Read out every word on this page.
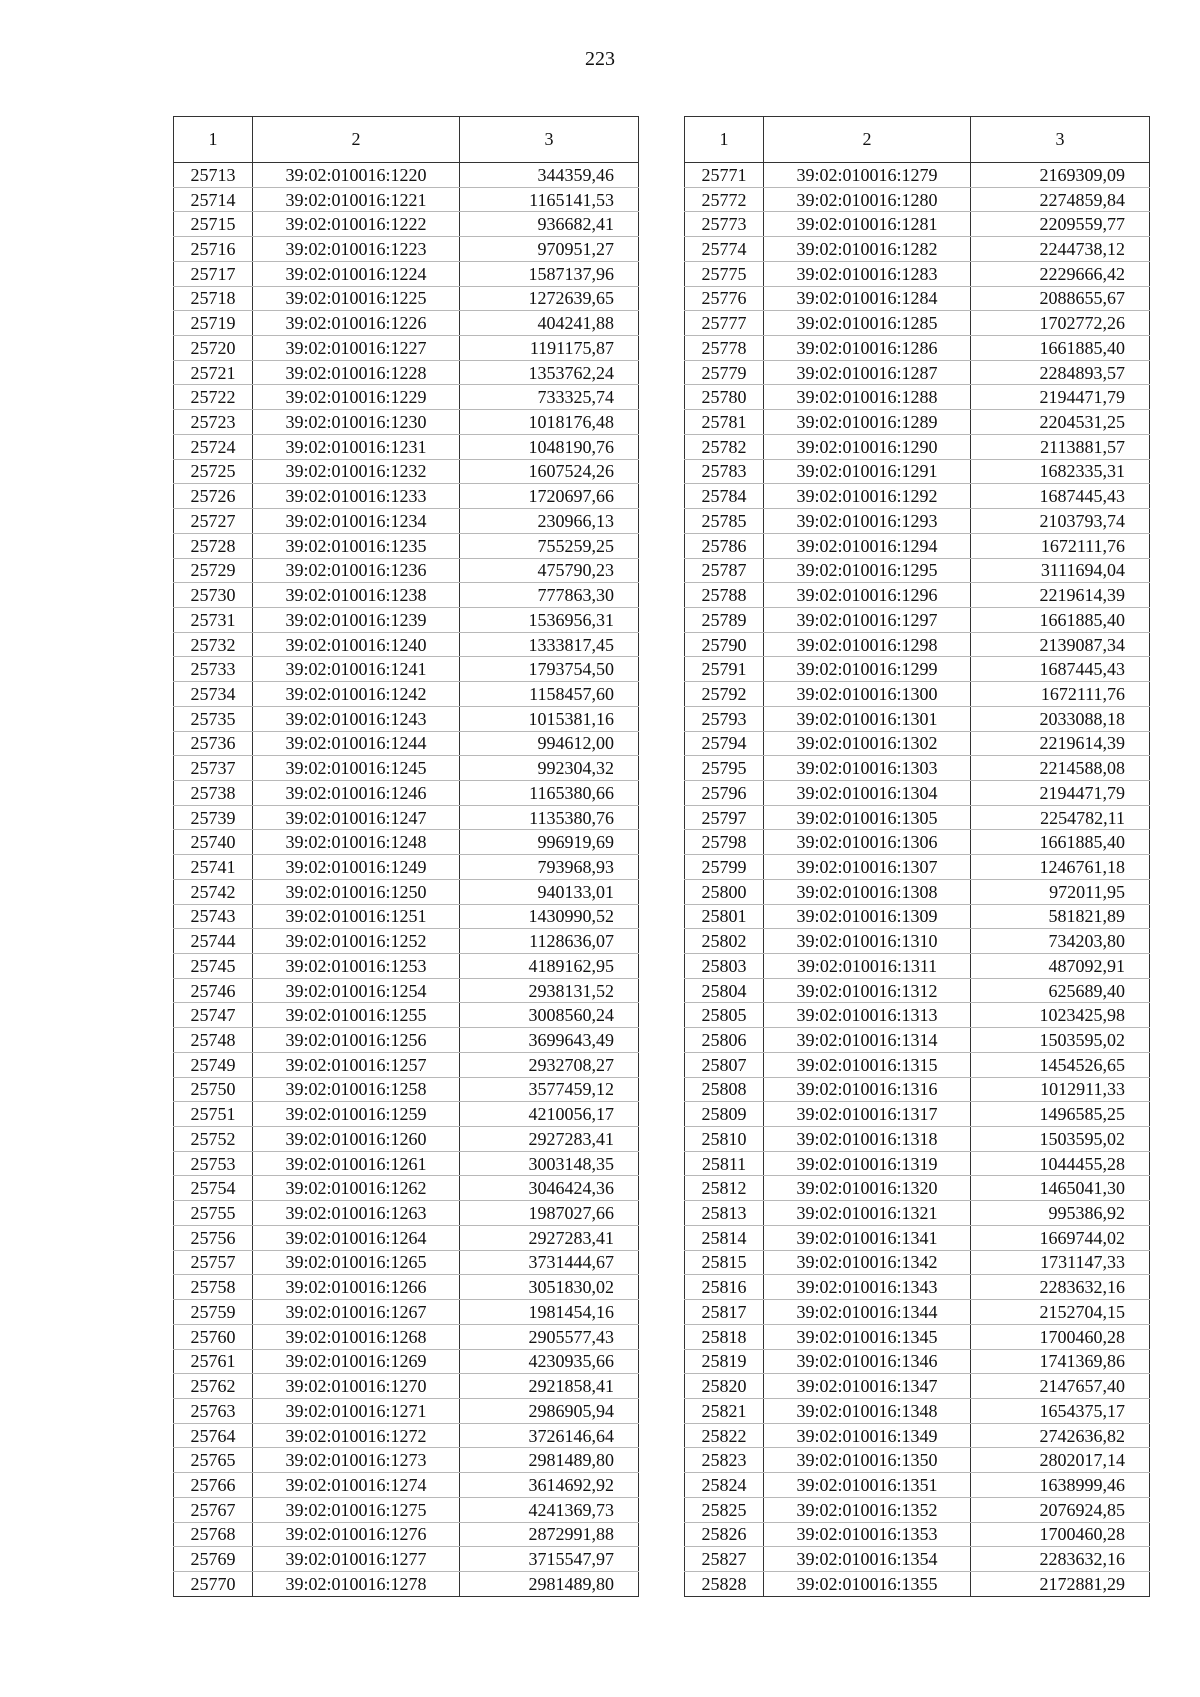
223
1	2	3
25713	39:02:010016:1220	344359,46
25714	39:02:010016:1221	1165141,53
25715	39:02:010016:1222	936682,41
25716	39:02:010016:1223	970951,27
25717	39:02:010016:1224	1587137,96
25718	39:02:010016:1225	1272639,65
25719	39:02:010016:1226	404241,88
25720	39:02:010016:1227	1191175,87
25721	39:02:010016:1228	1353762,24
25722	39:02:010016:1229	733325,74
25723	39:02:010016:1230	1018176,48
25724	39:02:010016:1231	1048190,76
25725	39:02:010016:1232	1607524,26
25726	39:02:010016:1233	1720697,66
25727	39:02:010016:1234	230966,13
25728	39:02:010016:1235	755259,25
25729	39:02:010016:1236	475790,23
25730	39:02:010016:1238	777863,30
25731	39:02:010016:1239	1536956,31
25732	39:02:010016:1240	1333817,45
25733	39:02:010016:1241	1793754,50
25734	39:02:010016:1242	1158457,60
25735	39:02:010016:1243	1015381,16
25736	39:02:010016:1244	994612,00
25737	39:02:010016:1245	992304,32
25738	39:02:010016:1246	1165380,66
25739	39:02:010016:1247	1135380,76
25740	39:02:010016:1248	996919,69
25741	39:02:010016:1249	793968,93
25742	39:02:010016:1250	940133,01
25743	39:02:010016:1251	1430990,52
25744	39:02:010016:1252	1128636,07
25745	39:02:010016:1253	4189162,95
25746	39:02:010016:1254	2938131,52
25747	39:02:010016:1255	3008560,24
25748	39:02:010016:1256	3699643,49
25749	39:02:010016:1257	2932708,27
25750	39:02:010016:1258	3577459,12
25751	39:02:010016:1259	4210056,17
25752	39:02:010016:1260	2927283,41
25753	39:02:010016:1261	3003148,35
25754	39:02:010016:1262	3046424,36
25755	39:02:010016:1263	1987027,66
25756	39:02:010016:1264	2927283,41
25757	39:02:010016:1265	3731444,67
25758	39:02:010016:1266	3051830,02
25759	39:02:010016:1267	1981454,16
25760	39:02:010016:1268	2905577,43
25761	39:02:010016:1269	4230935,66
25762	39:02:010016:1270	2921858,41
25763	39:02:010016:1271	2986905,94
25764	39:02:010016:1272	3726146,64
25765	39:02:010016:1273	2981489,80
25766	39:02:010016:1274	3614692,92
25767	39:02:010016:1275	4241369,73
25768	39:02:010016:1276	2872991,88
25769	39:02:010016:1277	3715547,97
25770	39:02:010016:1278	2981489,80
1	2	3
25771	39:02:010016:1279	2169309,09
25772	39:02:010016:1280	2274859,84
25773	39:02:010016:1281	2209559,77
25774	39:02:010016:1282	2244738,12
25775	39:02:010016:1283	2229666,42
25776	39:02:010016:1284	2088655,67
25777	39:02:010016:1285	1702772,26
25778	39:02:010016:1286	1661885,40
25779	39:02:010016:1287	2284893,57
25780	39:02:010016:1288	2194471,79
25781	39:02:010016:1289	2204531,25
25782	39:02:010016:1290	2113881,57
25783	39:02:010016:1291	1682335,31
25784	39:02:010016:1292	1687445,43
25785	39:02:010016:1293	2103793,74
25786	39:02:010016:1294	1672111,76
25787	39:02:010016:1295	3111694,04
25788	39:02:010016:1296	2219614,39
25789	39:02:010016:1297	1661885,40
25790	39:02:010016:1298	2139087,34
25791	39:02:010016:1299	1687445,43
25792	39:02:010016:1300	1672111,76
25793	39:02:010016:1301	2033088,18
25794	39:02:010016:1302	2219614,39
25795	39:02:010016:1303	2214588,08
25796	39:02:010016:1304	2194471,79
25797	39:02:010016:1305	2254782,11
25798	39:02:010016:1306	1661885,40
25799	39:02:010016:1307	1246761,18
25800	39:02:010016:1308	972011,95
25801	39:02:010016:1309	581821,89
25802	39:02:010016:1310	734203,80
25803	39:02:010016:1311	487092,91
25804	39:02:010016:1312	625689,40
25805	39:02:010016:1313	1023425,98
25806	39:02:010016:1314	1503595,02
25807	39:02:010016:1315	1454526,65
25808	39:02:010016:1316	1012911,33
25809	39:02:010016:1317	1496585,25
25810	39:02:010016:1318	1503595,02
25811	39:02:010016:1319	1044455,28
25812	39:02:010016:1320	1465041,30
25813	39:02:010016:1321	995386,92
25814	39:02:010016:1341	1669744,02
25815	39:02:010016:1342	1731147,33
25816	39:02:010016:1343	2283632,16
25817	39:02:010016:1344	2152704,15
25818	39:02:010016:1345	1700460,28
25819	39:02:010016:1346	1741369,86
25820	39:02:010016:1347	2147657,40
25821	39:02:010016:1348	1654375,17
25822	39:02:010016:1349	2742636,82
25823	39:02:010016:1350	2802017,14
25824	39:02:010016:1351	1638999,46
25825	39:02:010016:1352	2076924,85
25826	39:02:010016:1353	1700460,28
25827	39:02:010016:1354	2283632,16
25828	39:02:010016:1355	2172881,29
